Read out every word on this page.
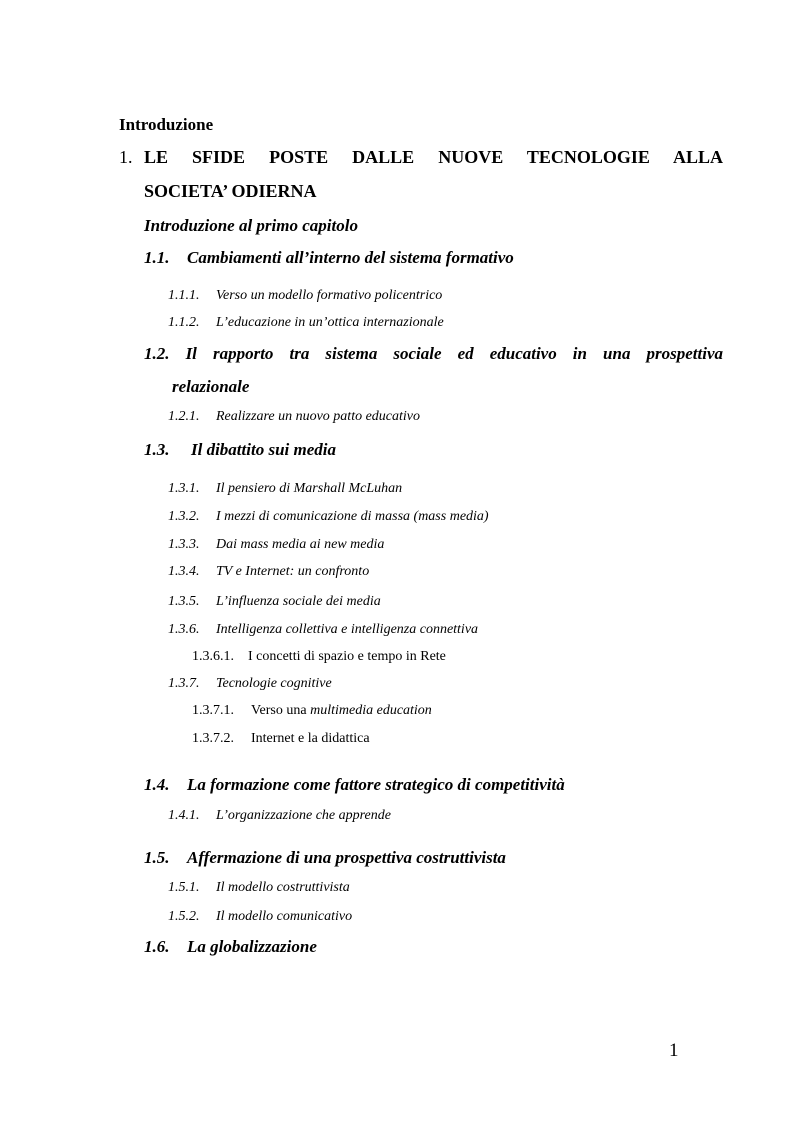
Introduzione
1. LE SFIDE POSTE DALLE NUOVE TECNOLOGIE ALLA
SOCIETA’ ODIERNA
Introduzione al primo capitolo
1.1. Cambiamenti all’interno del sistema formativo
1.1.1. Verso un modello formativo policentrico
1.1.2. L’educazione in un’ottica internazionale
1.2. Il rapporto tra sistema sociale ed educativo in una prospettiva
relazionale
1.2.1. Realizzare un nuovo patto educativo
1.3. Il dibattito sui media
1.3.1. Il pensiero di Marshall McLuhan
1.3.2. I mezzi di comunicazione di massa (mass media)
1.3.3. Dai mass media ai new media
1.3.4. TV e Internet: un confronto
1.3.5. L’influenza sociale dei media
1.3.6. Intelligenza collettiva e intelligenza connettiva
1.3.6.1. I concetti di spazio e tempo in Rete
1.3.7. Tecnologie cognitive
1.3.7.1. Verso una multimedia education
1.3.7.2. Internet e la didattica
1.4. La formazione come fattore strategico di competitività
1.4.1. L’organizzazione che apprende
1.5. Affermazione di una prospettiva costruttivista
1.5.1. Il modello costruttivista
1.5.2. Il modello comunicativo
1.6. La globalizzazione
1
